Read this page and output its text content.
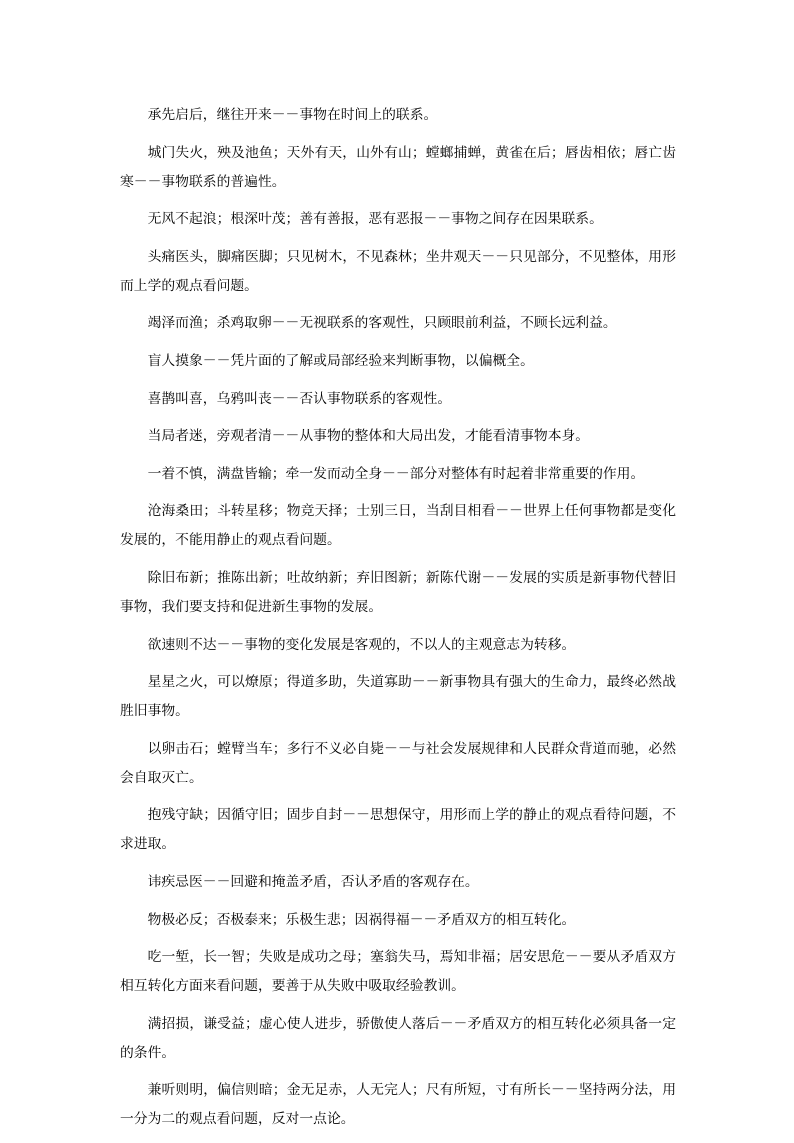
承先启后，继往开来－－事物在时间上的联系。

城门失火，殃及池鱼；天外有天，山外有山；螳螂捕蝉，黄雀在后；唇齿相依；唇亡齿寒－－事物联系的普遍性。

无风不起浪；根深叶茂；善有善报，恶有恶报－－事物之间存在因果联系。

头痛医头，脚痛医脚；只见树木，不见森林；坐井观天－－只见部分，不见整体，用形而上学的观点看问题。

竭泽而渔；杀鸡取卵－－无视联系的客观性，只顾眼前利益，不顾长远利益。

盲人摸象－－凭片面的了解或局部经验来判断事物，以偏概全。

喜鹊叫喜，乌鸦叫丧－－否认事物联系的客观性。

当局者迷，旁观者清－－从事物的整体和大局出发，才能看清事物本身。

一着不慎，满盘皆输；牵一发而动全身－－部分对整体有时起着非常重要的作用。

沧海桑田；斗转星移；物竞天择；士别三日，当刮目相看－－世界上任何事物都是变化发展的，不能用静止的观点看问题。

除旧布新；推陈出新；吐故纳新；弃旧图新；新陈代谢－－发展的实质是新事物代替旧事物，我们要支持和促进新生事物的发展。

欲速则不达－－事物的变化发展是客观的，不以人的主观意志为转移。

星星之火，可以燎原；得道多助，失道寡助－－新事物具有强大的生命力，最终必然战胜旧事物。

以卵击石；螳臂当车；多行不义必自毙－－与社会发展规律和人民群众背道而驰，必然会自取灭亡。

抱残守缺；因循守旧；固步自封－－思想保守，用形而上学的静止的观点看待问题，不求进取。

讳疾忌医－－回避和掩盖矛盾，否认矛盾的客观存在。

物极必反；否极泰来；乐极生悲；因祸得福－－矛盾双方的相互转化。

吃一堑，长一智；失败是成功之母；塞翁失马，焉知非福；居安思危－－要从矛盾双方相互转化方面来看问题，要善于从失败中吸取经验教训。

满招损，谦受益；虚心使人进步，骄傲使人落后－－矛盾双方的相互转化必须具备一定的条件。

兼听则明，偏信则暗；金无足赤，人无完人；尺有所短，寸有所长－－坚持两分法，用一分为二的观点看问题，反对一点论。
